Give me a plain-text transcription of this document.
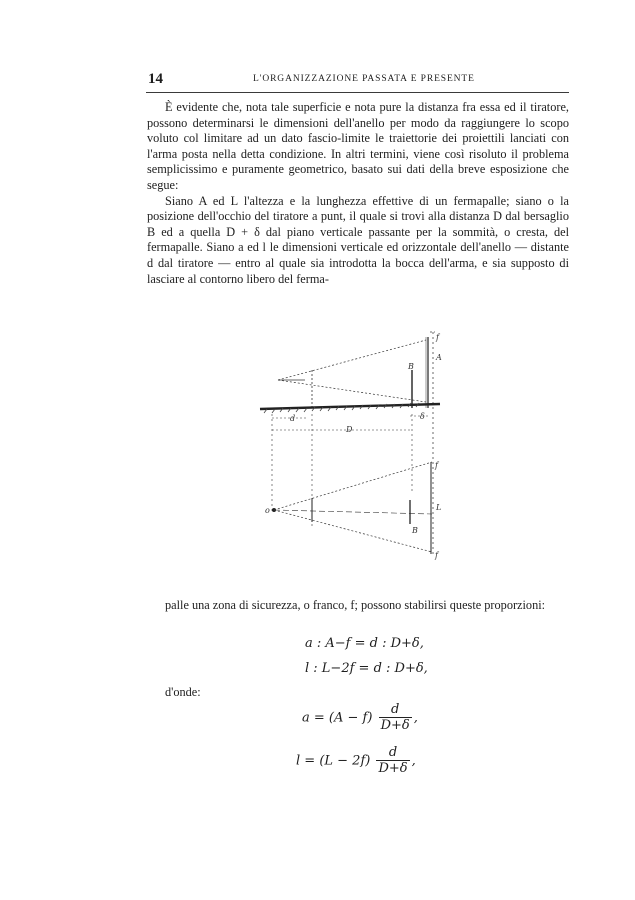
14	L'ORGANIZZAZIONE PASSATA E PRESENTE

È evidente che, nota tale superficie e nota pure la distanza fra essa ed il tiratore, possono determinarsi le dimensioni dell'anello per modo da raggiungere lo scopo voluto col limitare ad un dato fascio-limite le traiettorie dei proiettili lanciati con l'arma posta nella detta condizione. In altri termini, viene così risoluto il problema semplicissimo e puramente geometrico, basato sui dati della breve esposizione che segue:

Siano A ed L l'altezza e la lunghezza effettive di un fermapalle; siano o la posizione dell'occhio del tiratore a punt, il quale si trovi alla distanza D dal bersaglio B ed a quella D + δ dal piano verticale passante per la sommità, o cresta, del fermapalle. Siano a ed l le dimensioni verticale ed orizzontale dell'anello — distante d dal tiratore — entro al quale sia introdotta la bocca dell'arma, e sia supposto di lasciare al contorno libero del ferma-

A
B
δ
D
d
f
f
L
f
B
o

palle una zona di sicurezza, o franco, f; possono stabilirsi queste proporzioni:

a : A−f = d : D+δ,
l : L−2f = d : D+δ,

d'onde:

$a = (A - f) \frac{d}{D+\delta}$ ,
$l = (L - 2f) \frac{d}{D+\delta}$ ,
